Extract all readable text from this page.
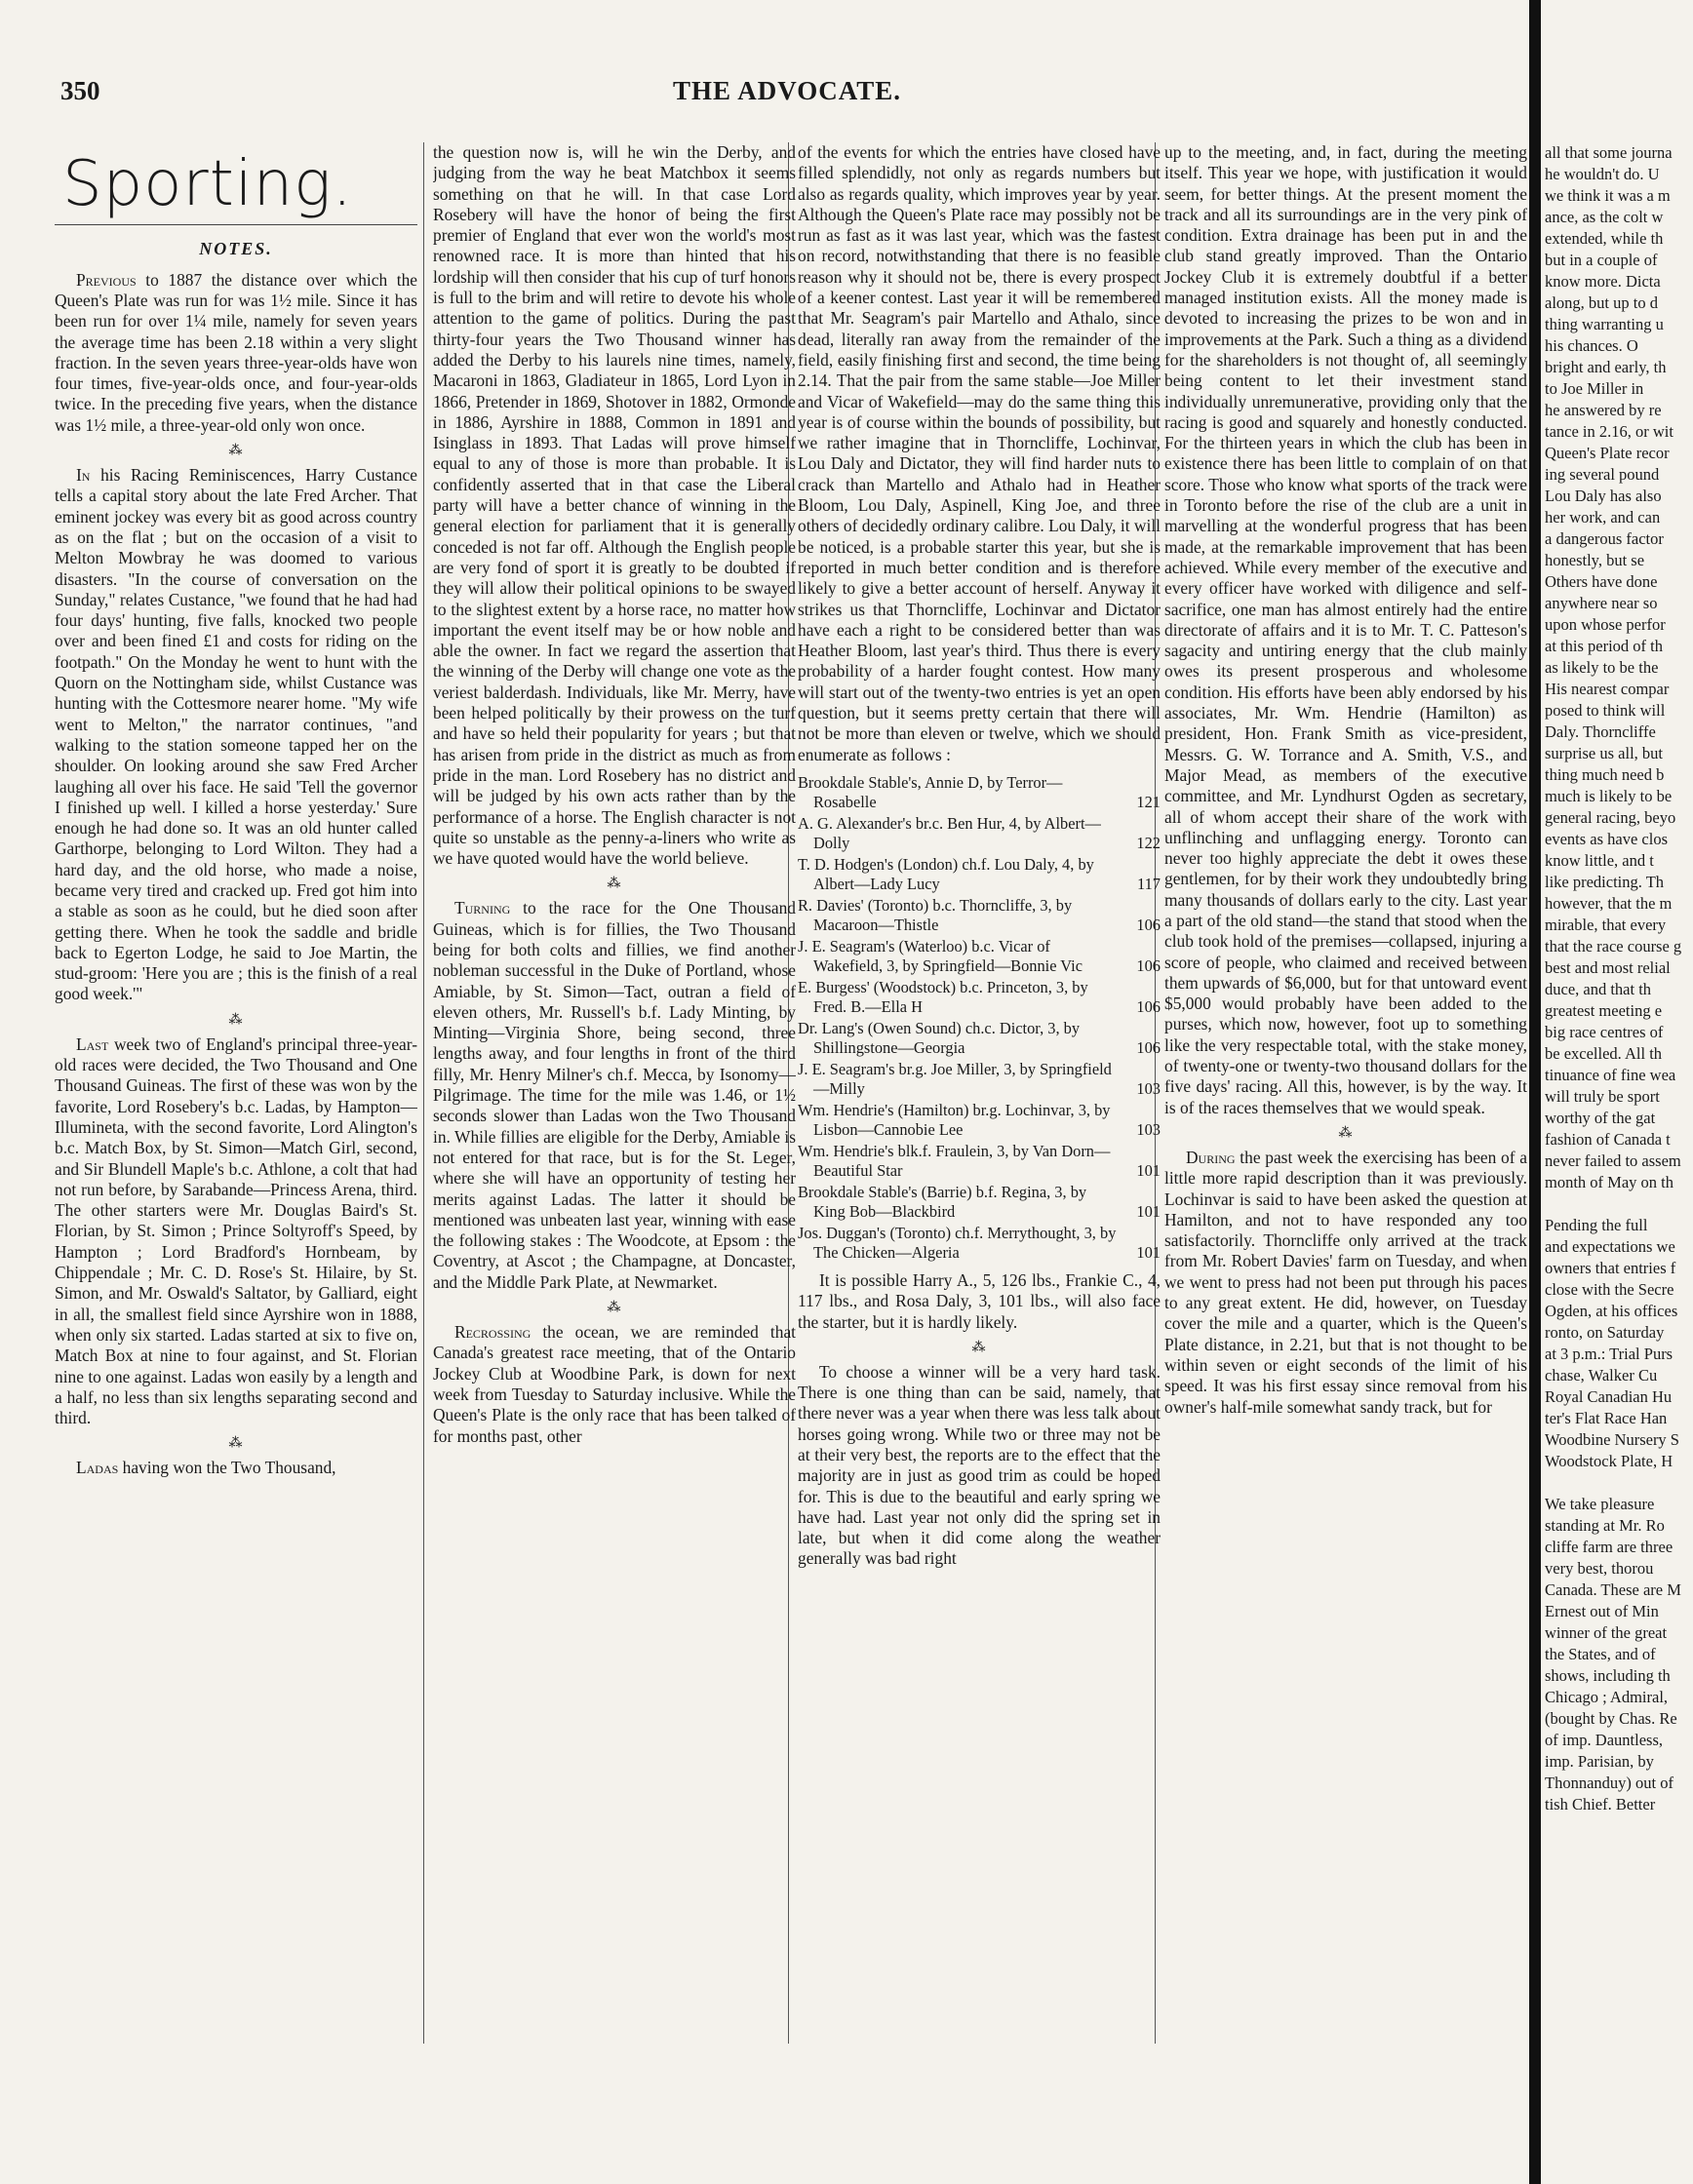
350	THE ADVOCATE.
Sporting.
NOTES.

Previous to 1887 the distance over which the Queen's Plate was run for was 1½ mile. Since it has been run for over 1¼ mile, namely for seven years the average time has been 2.18 within a very slight fraction. In the seven years three-year-olds have won four times, five-year-olds once, and four-year-olds twice. In the preceding five years, when the distance was 1½ mile, a three-year-old only won once.

⁂

In his Racing Reminiscences, Harry Custance tells a capital story about the late Fred Archer. That eminent jockey was every bit as good across country as on the flat ; but on the occasion of a visit to Melton Mowbray he was doomed to various disasters. "In the course of conversation on the Sunday," relates Custance, "we found that he had had four days' hunting, five falls, knocked two people over and been fined £1 and costs for riding on the footpath." On the Monday he went to hunt with the Quorn on the Nottingham side, whilst Custance was hunting with the Cottesmore nearer home. "My wife went to Melton," the narrator continues, "and walking to the station someone tapped her on the shoulder. On looking around she saw Fred Archer laughing all over his face. He said 'Tell the governor I finished up well. I killed a horse yesterday.' Sure enough he had done so. It was an old hunter called Garthorpe, belonging to Lord Wilton. They had a hard day, and the old horse, who made a noise, became very tired and cracked up. Fred got him into a stable as soon as he could, but he died soon after getting there. When he took the saddle and bridle back to Egerton Lodge, he said to Joe Martin, the stud-groom: 'Here you are ; this is the finish of a real good week.'"

⁂

Last week two of England's principal three-year-old races were decided, the Two Thousand and One Thousand Guineas. The first of these was won by the favorite, Lord Rosebery's b.c. Ladas, by Hampton—Illumineta, with the second favorite, Lord Alington's b.c. Match Box, by St. Simon—Match Girl, second, and Sir Blundell Maple's b.c. Athlone, a colt that had not run before, by Sarabande—Princess Arena, third. The other starters were Mr. Douglas Baird's St. Florian, by St. Simon ; Prince Soltyroff's Speed, by Hampton ; Lord Bradford's Hornbeam, by Chippendale ; Mr. C. D. Rose's St. Hilaire, by St. Simon, and Mr. Oswald's Saltator, by Galliard, eight in all, the smallest field since Ayrshire won in 1888, when only six started. Ladas started at six to five on, Match Box at nine to four against, and St. Florian nine to one against. Ladas won easily by a length and a half, no less than six lengths separating second and third.

⁂

Ladas having won the Two Thousand,

the question now is, will he win the Derby, and judging from the way he beat Matchbox it seems something on that he will. In that case Lord Rosebery will have the honor of being the first premier of England that ever won the world's most renowned race. It is more than hinted that his lordship will then consider that his cup of turf honors is full to the brim and will retire to devote his whole attention to the game of politics. During the past thirty-four years the Two Thousand winner has added the Derby to his laurels nine times, namely, Macaroni in 1863, Gladiateur in 1865, Lord Lyon in 1866, Pretender in 1869, Shotover in 1882, Ormonde in 1886, Ayrshire in 1888, Common in 1891 and Isinglass in 1893. That Ladas will prove himself equal to any of those is more than probable. It is confidently asserted that in that case the Liberal party will have a better chance of winning in the general election for parliament that it is generally conceded is not far off. Although the English people are very fond of sport it is greatly to be doubted if they will allow their political opinions to be swayed to the slightest extent by a horse race, no matter how important the event itself may be or how noble and able the owner. In fact we regard the assertion that the winning of the Derby will change one vote as the veriest balderdash. Individuals, like Mr. Merry, have been helped politically by their prowess on the turf and have so held their popularity for years ; but that has arisen from pride in the district as much as from pride in the man. Lord Rosebery has no district and will be judged by his own acts rather than by the performance of a horse. The English character is not quite so unstable as the penny-a-liners who write as we have quoted would have the world believe.

⁂

Turning to the race for the One Thousand Guineas, which is for fillies, the Two Thousand being for both colts and fillies, we find another nobleman successful in the Duke of Portland, whose Amiable, by St. Simon—Tact, outran a field of eleven others, Mr. Russell's b.f. Lady Minting, by Minting—Virginia Shore, being second, three lengths away, and four lengths in front of the third filly, Mr. Henry Milner's ch.f. Mecca, by Isonomy—Pilgrimage. The time for the mile was 1.46, or 1½ seconds slower than Ladas won the Two Thousand in. While fillies are eligible for the Derby, Amiable is not entered for that race, but is for the St. Leger, where she will have an opportunity of testing her merits against Ladas. The latter it should be mentioned was unbeaten last year, winning with ease the following stakes : The Woodcote, at Epsom : the Coventry, at Ascot ; the Champagne, at Doncaster, and the Middle Park Plate, at Newmarket.

⁂

Recrossing the ocean, we are reminded that Canada's greatest race meeting, that of the Ontario Jockey Club at Woodbine Park, is down for next week from Tuesday to Saturday inclusive. While the Queen's Plate is the only race that has been talked of for months past, other

of the events for which the entries have closed have filled splendidly, not only as regards numbers but also as regards quality, which improves year by year. Although the Queen's Plate race may possibly not be run as fast as it was last year, which was the fastest on record, notwithstanding that there is no feasible reason why it should not be, there is every prospect of a keener contest. Last year it will be remembered that Mr. Seagram's pair Martello and Athalo, since dead, literally ran away from the remainder of the field, easily finishing first and second, the time being 2.14. That the pair from the same stable—Joe Miller and Vicar of Wakefield—may do the same thing this year is of course within the bounds of possibility, but we rather imagine that in Thorncliffe, Lochinvar, Lou Daly and Dictator, they will find harder nuts to crack than Martello and Athalo had in Heather Bloom, Lou Daly, Aspinell, King Joe, and three others of decidedly ordinary calibre. Lou Daly, it will be noticed, is a probable starter this year, but she is reported in much better condition and is therefore likely to give a better account of herself. Anyway it strikes us that Thorncliffe, Lochinvar and Dictator have each a right to be considered better than was Heather Bloom, last year's third. Thus there is every probability of a harder fought contest. How many will start out of the twenty-two entries is yet an open question, but it seems pretty certain that there will not be more than eleven or twelve, which we should enumerate as follows :

Brookdale Stable's, Annie D, by Terror—Rosabelle	121
A. G. Alexander's br.c. Ben Hur, 4, by Albert—Dolly	122
T. D. Hodgen's (London) ch.f. Lou Daly, 4, by Albert—Lady Lucy	117
R. Davies' (Toronto) b.c. Thorncliffe, 3, by Macaroon—Thistle	106
J. E. Seagram's (Waterloo) b.c. Vicar of Wakefield, 3, by Springfield—Bonnie Vic	106
E. Burgess' (Woodstock) b.c. Princeton, 3, by Fred. B.—Ella H	106
Dr. Lang's (Owen Sound) ch.c. Dictor, 3, by Shillingstone—Georgia	106
J. E. Seagram's br.g. Joe Miller, 3, by Springfield—Milly	103
Wm. Hendrie's (Hamilton) br.g. Lochinvar, 3, by Lisbon—Cannobie Lee	103
Wm. Hendrie's blk.f. Fraulein, 3, by Van Dorn—Beautiful Star	101
Brookdale Stable's (Barrie) b.f. Regina, 3, by King Bob—Blackbird	101
Jos. Duggan's (Toronto) ch.f. Merrythought, 3, by The Chicken—Algeria	101

It is possible Harry A., 5, 126 lbs., Frankie C., 4, 117 lbs., and Rosa Daly, 3, 101 lbs., will also face the starter, but it is hardly likely.

⁂

To choose a winner will be a very hard task. There is one thing than can be said, namely, that there never was a year when there was less talk about horses going wrong. While two or three may not be at their very best, the reports are to the effect that the majority are in just as good trim as could be hoped for. This is due to the beautiful and early spring we have had. Last year not only did the spring set in late, but when it did come along the weather generally was bad right

up to the meeting, and, in fact, during the meeting itself. This year we hope, with justification it would seem, for better things. At the present moment the track and all its surroundings are in the very pink of condition. Extra drainage has been put in and the club stand greatly improved. Than the Ontario Jockey Club it is extremely doubtful if a better managed institution exists. All the money made is devoted to increasing the prizes to be won and in improvements at the Park. Such a thing as a dividend for the shareholders is not thought of, all seemingly being content to let their investment stand individually unremunerative, providing only that the racing is good and squarely and honestly conducted. For the thirteen years in which the club has been in existence there has been little to complain of on that score. Those who know what sports of the track were in Toronto before the rise of the club are a unit in marvelling at the wonderful progress that has been made, at the remarkable improvement that has been achieved. While every member of the executive and every officer have worked with diligence and self-sacrifice, one man has almost entirely had the entire directorate of affairs and it is to Mr. T. C. Patteson's sagacity and untiring energy that the club mainly owes its present prosperous and wholesome condition. His efforts have been ably endorsed by his associates, Mr. Wm. Hendrie (Hamilton) as president, Hon. Frank Smith as vice-president, Messrs. G. W. Torrance and A. Smith, V.S., and Major Mead, as members of the executive committee, and Mr. Lyndhurst Ogden as secretary, all of whom accept their share of the work with unflinching and unflagging energy. Toronto can never too highly appreciate the debt it owes these gentlemen, for by their work they undoubtedly bring many thousands of dollars early to the city. Last year a part of the old stand—the stand that stood when the club took hold of the premises—collapsed, injuring a score of people, who claimed and received between them upwards of $6,000, but for that untoward event $5,000 would probably have been added to the purses, which now, however, foot up to something like the very respectable total, with the stake money, of twenty-one or twenty-two thousand dollars for the five days' racing. All this, however, is by the way. It is of the races themselves that we would speak.

⁂

During the past week the exercising has been of a little more rapid description than it was previously. Lochinvar is said to have been asked the question at Hamilton, and not to have responded any too satisfactorily. Thorncliffe only arrived at the track from Mr. Robert Davies' farm on Tuesday, and when we went to press had not been put through his paces to any great extent. He did, however, on Tuesday cover the mile and a quarter, which is the Queen's Plate distance, in 2.21, but that is not thought to be within seven or eight seconds of the limit of his speed. It was his first essay since removal from his owner's half-mile somewhat sandy track, but for

all that some journa

he wouldn't do. U

we think it was a m

ance, as the colt w

extended, while th

but in a couple of

know more. Dicta

along, but up to d

thing warranting u

his chances. O

bright and early, th

to Joe Miller in

he answered by re

tance in 2.16, or wit

Queen's Plate recor

ing several pound

Lou Daly has also

her work, and can

a dangerous factor

honestly, but se

Others have done

anywhere near so

upon whose perfor

at this period of th

as likely to be the

His nearest compar

posed to think will

Daly. Thorncliffe

surprise us all, but

thing much need b

much is likely to be

general racing, beyo

events as have clos

know little, and t

like predicting. Th

however, that the m

mirable, that every

that the race course g

best and most relial

duce, and that th

greatest meeting e

big race centres of

be excelled. All th

tinuance of fine wea

will truly be sport

worthy of the gat

fashion of Canada t

never failed to assem

month of May on th

Pending the full

and expectations we

owners that entries f

close with the Secre

Ogden, at his offices

ronto, on Saturday

at 3 p.m.: Trial Purs

chase, Walker Cu

Royal Canadian Hu

ter's Flat Race Han

Woodbine Nursery S

Woodstock Plate, H

We take pleasure

standing at Mr. Ro

cliffe farm are three

very best, thorou

Canada. These are M

Ernest out of Min

winner of the great

the States, and of

shows, including th

Chicago ; Admiral,

(bought by Chas. Re

of imp. Dauntless,

imp. Parisian, by

Thonnanduy) out of

tish Chief. Better
